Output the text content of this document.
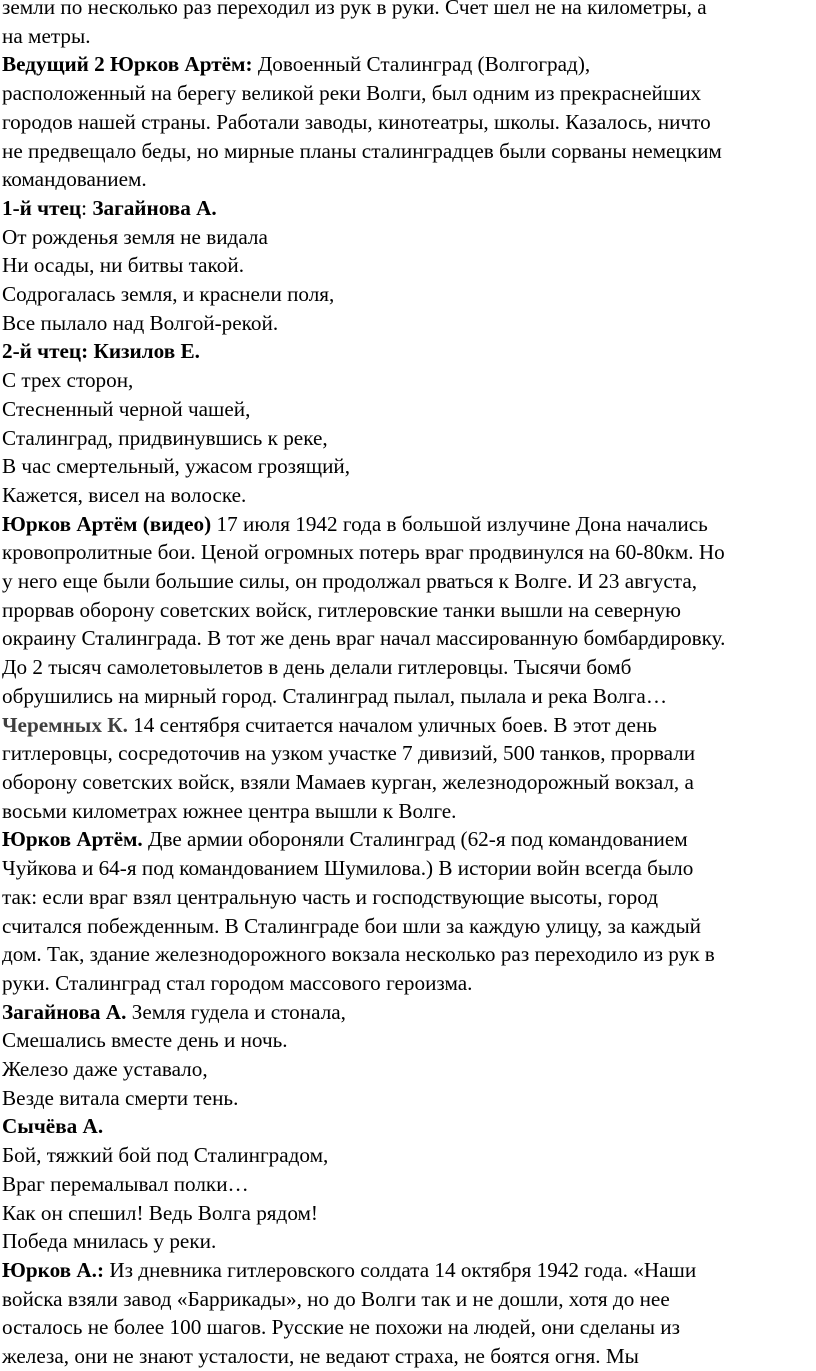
земли по несколько раз переходил из рук в руки. Счет шел не на километры, а
на метры.
Ведущий 2 Юрков Артём: Довоенный Сталинград (Волгоград),
расположенный на берегу великой реки Волги, был одним из прекраснейших
городов нашей страны. Работали заводы, кинотеатры, школы. Казалось, ничто
не предвещало беды, но мирные планы сталинградцев были сорваны немецким
командованием.
1-й чтец: Загайнова А.
От рожденья земля не видала
Ни осады, ни битвы такой.
Содрогалась земля, и краснели поля,
Все пылало над Волгой-рекой.
2-й чтец: Кизилов Е.
С трех сторон,
Стесненный черной чашей,
Сталинград, придвинувшись к реке,
В час смертельный, ужасом грозящий,
Кажется, висел на волоске.
Юрков Артём (видео) 17 июля 1942 года в большой излучине Дона начались
кровопролитные бои. Ценой огромных потерь враг продвинулся на 60-80км. Но
у него еще были большие силы, он продолжал рваться к Волге. И 23 августа,
прорвав оборону советских войск, гитлеровские танки вышли на северную
окраину Сталинграда. В тот же день враг начал массированную бомбардировку.
До 2 тысяч самолетовылетов в день делали гитлеровцы. Тысячи бомб
обрушились на мирный город. Сталинград пылал, пылала и река Волга…
Черемных К. 14 сентября считается началом уличных боев. В этот день
гитлеровцы, сосредоточив на узком участке 7 дивизий, 500 танков, прорвали
оборону советских войск, взяли Мамаев курган, железнодорожный вокзал, а
восьми километрах южнее центра вышли к Волге.
Юрков Артём. Две армии обороняли Сталинград (62-я под командованием
Чуйкова и 64-я под командованием Шумилова.) В истории войн всегда было
так: если враг взял центральную часть и господствующие высоты, город
считался побежденным. В Сталинграде бои шли за каждую улицу, за каждый
дом. Так, здание железнодорожного вокзала несколько раз переходило из рук в
руки. Сталинград стал городом массового героизма.
Загайнова А. Земля гудела и стонала,
Смешались вместе день и ночь.
Железо даже уставало,
Везде витала смерти тень.
Сычёва А.
Бой, тяжкий бой под Сталинградом,
Враг перемалывал полки…
Как он спешил! Ведь Волга рядом!
Победа мнилась у реки.
Юрков А.: Из дневника гитлеровского солдата 14 октября 1942 года. «Наши
войска взяли завод «Баррикады», но до Волги так и не дошли, хотя до нее
осталось не более 100 шагов. Русские не похожи на людей, они сделаны из
железа, они не знают усталости, не ведают страха, не боятся огня. Мы
